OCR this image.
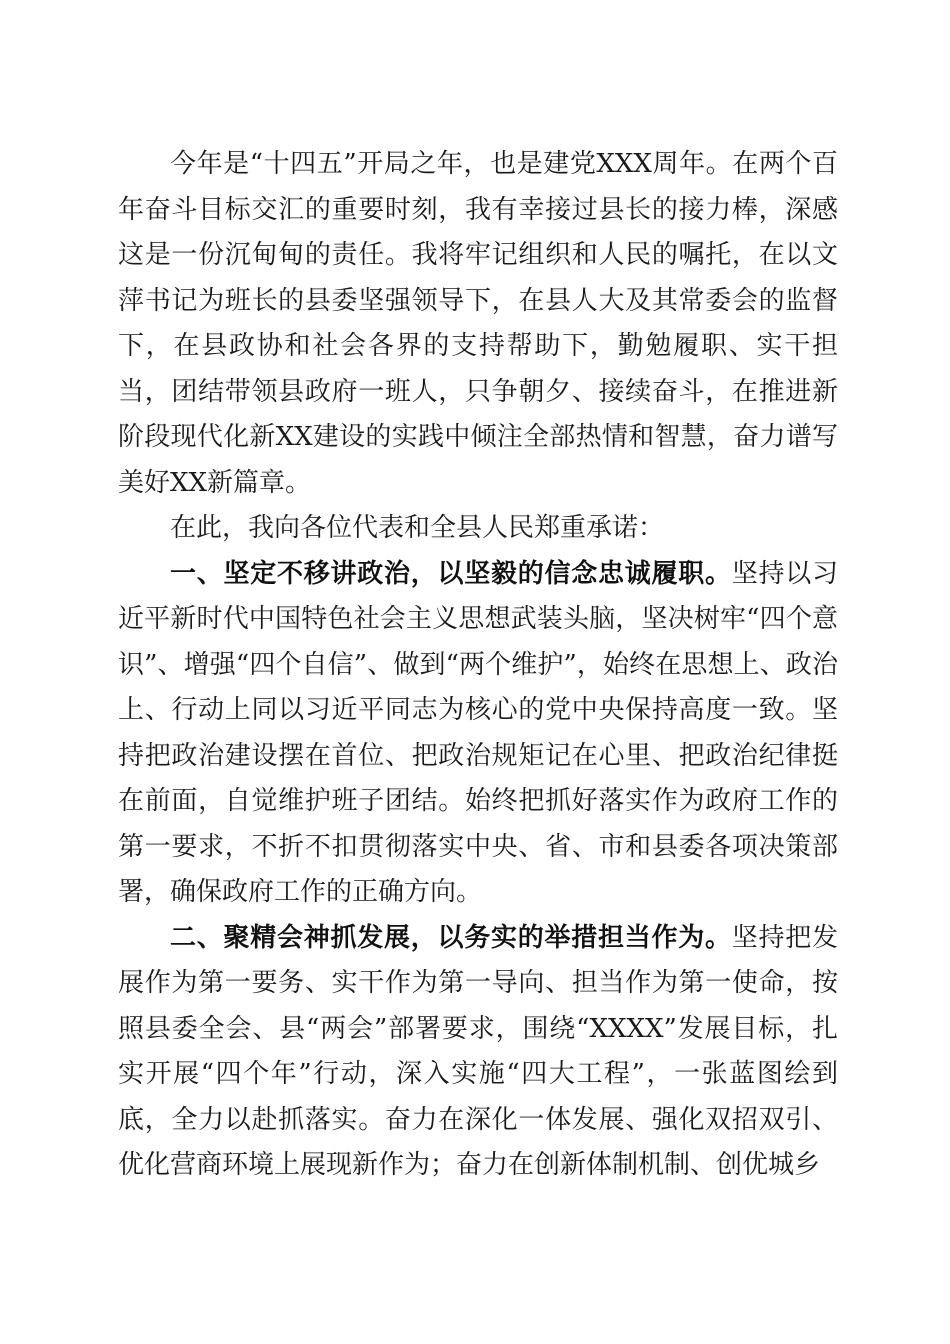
今年是“十四五”开局之年，也是建党XXX周年。在两个百年奋斗目标交汇的重要时刻，我有幸接过县长的接力棒，深感这是一份沉甸甸的责任。我将牢记组织和人民的嘱托，在以文萍书记为班长的县委坚强领导下，在县人大及其常委会的监督下，在县政协和社会各界的支持帮助下，勤勉履职、实干担当，团结带领县政府一班人，只争朝夕、接续奋斗，在推进新阶段现代化新XX建设的实践中倾注全部热情和智慧，奋力谱写美好XX新篇章。

在此，我向各位代表和全县人民郑重承诺：

一、坚定不移讲政治，以坚毅的信念忠诚履职。坚持以习近平新时代中国特色社会主义思想武装头脑，坚决树牢“四个意识”、增强“四个自信”、做到“两个维护”，始终在思想上、政治上、行动上同以习近平同志为核心的党中央保持高度一致。坚持把政治建设摆在首位、把政治规矩记在心里、把政治纪律挺在前面，自觉维护班子团结。始终把抓好落实作为政府工作的第一要求，不折不扣贯彻落实中央、省、市和县委各项决策部署，确保政府工作的正确方向。

二、聚精会神抓发展，以务实的举措担当作为。坚持把发展作为第一要务、实干作为第一导向、担当作为第一使命，按照县委全会、县“两会”部署要求，围绕“XXXX”发展目标，扎实开展“四个年”行动，深入实施“四大工程”，一张蓝图绘到底，全力以赴抓落实。奋力在深化一体发展、强化双招双引、优化营商环境上展现新作为；奋力在创新体制机制、创优城乡
